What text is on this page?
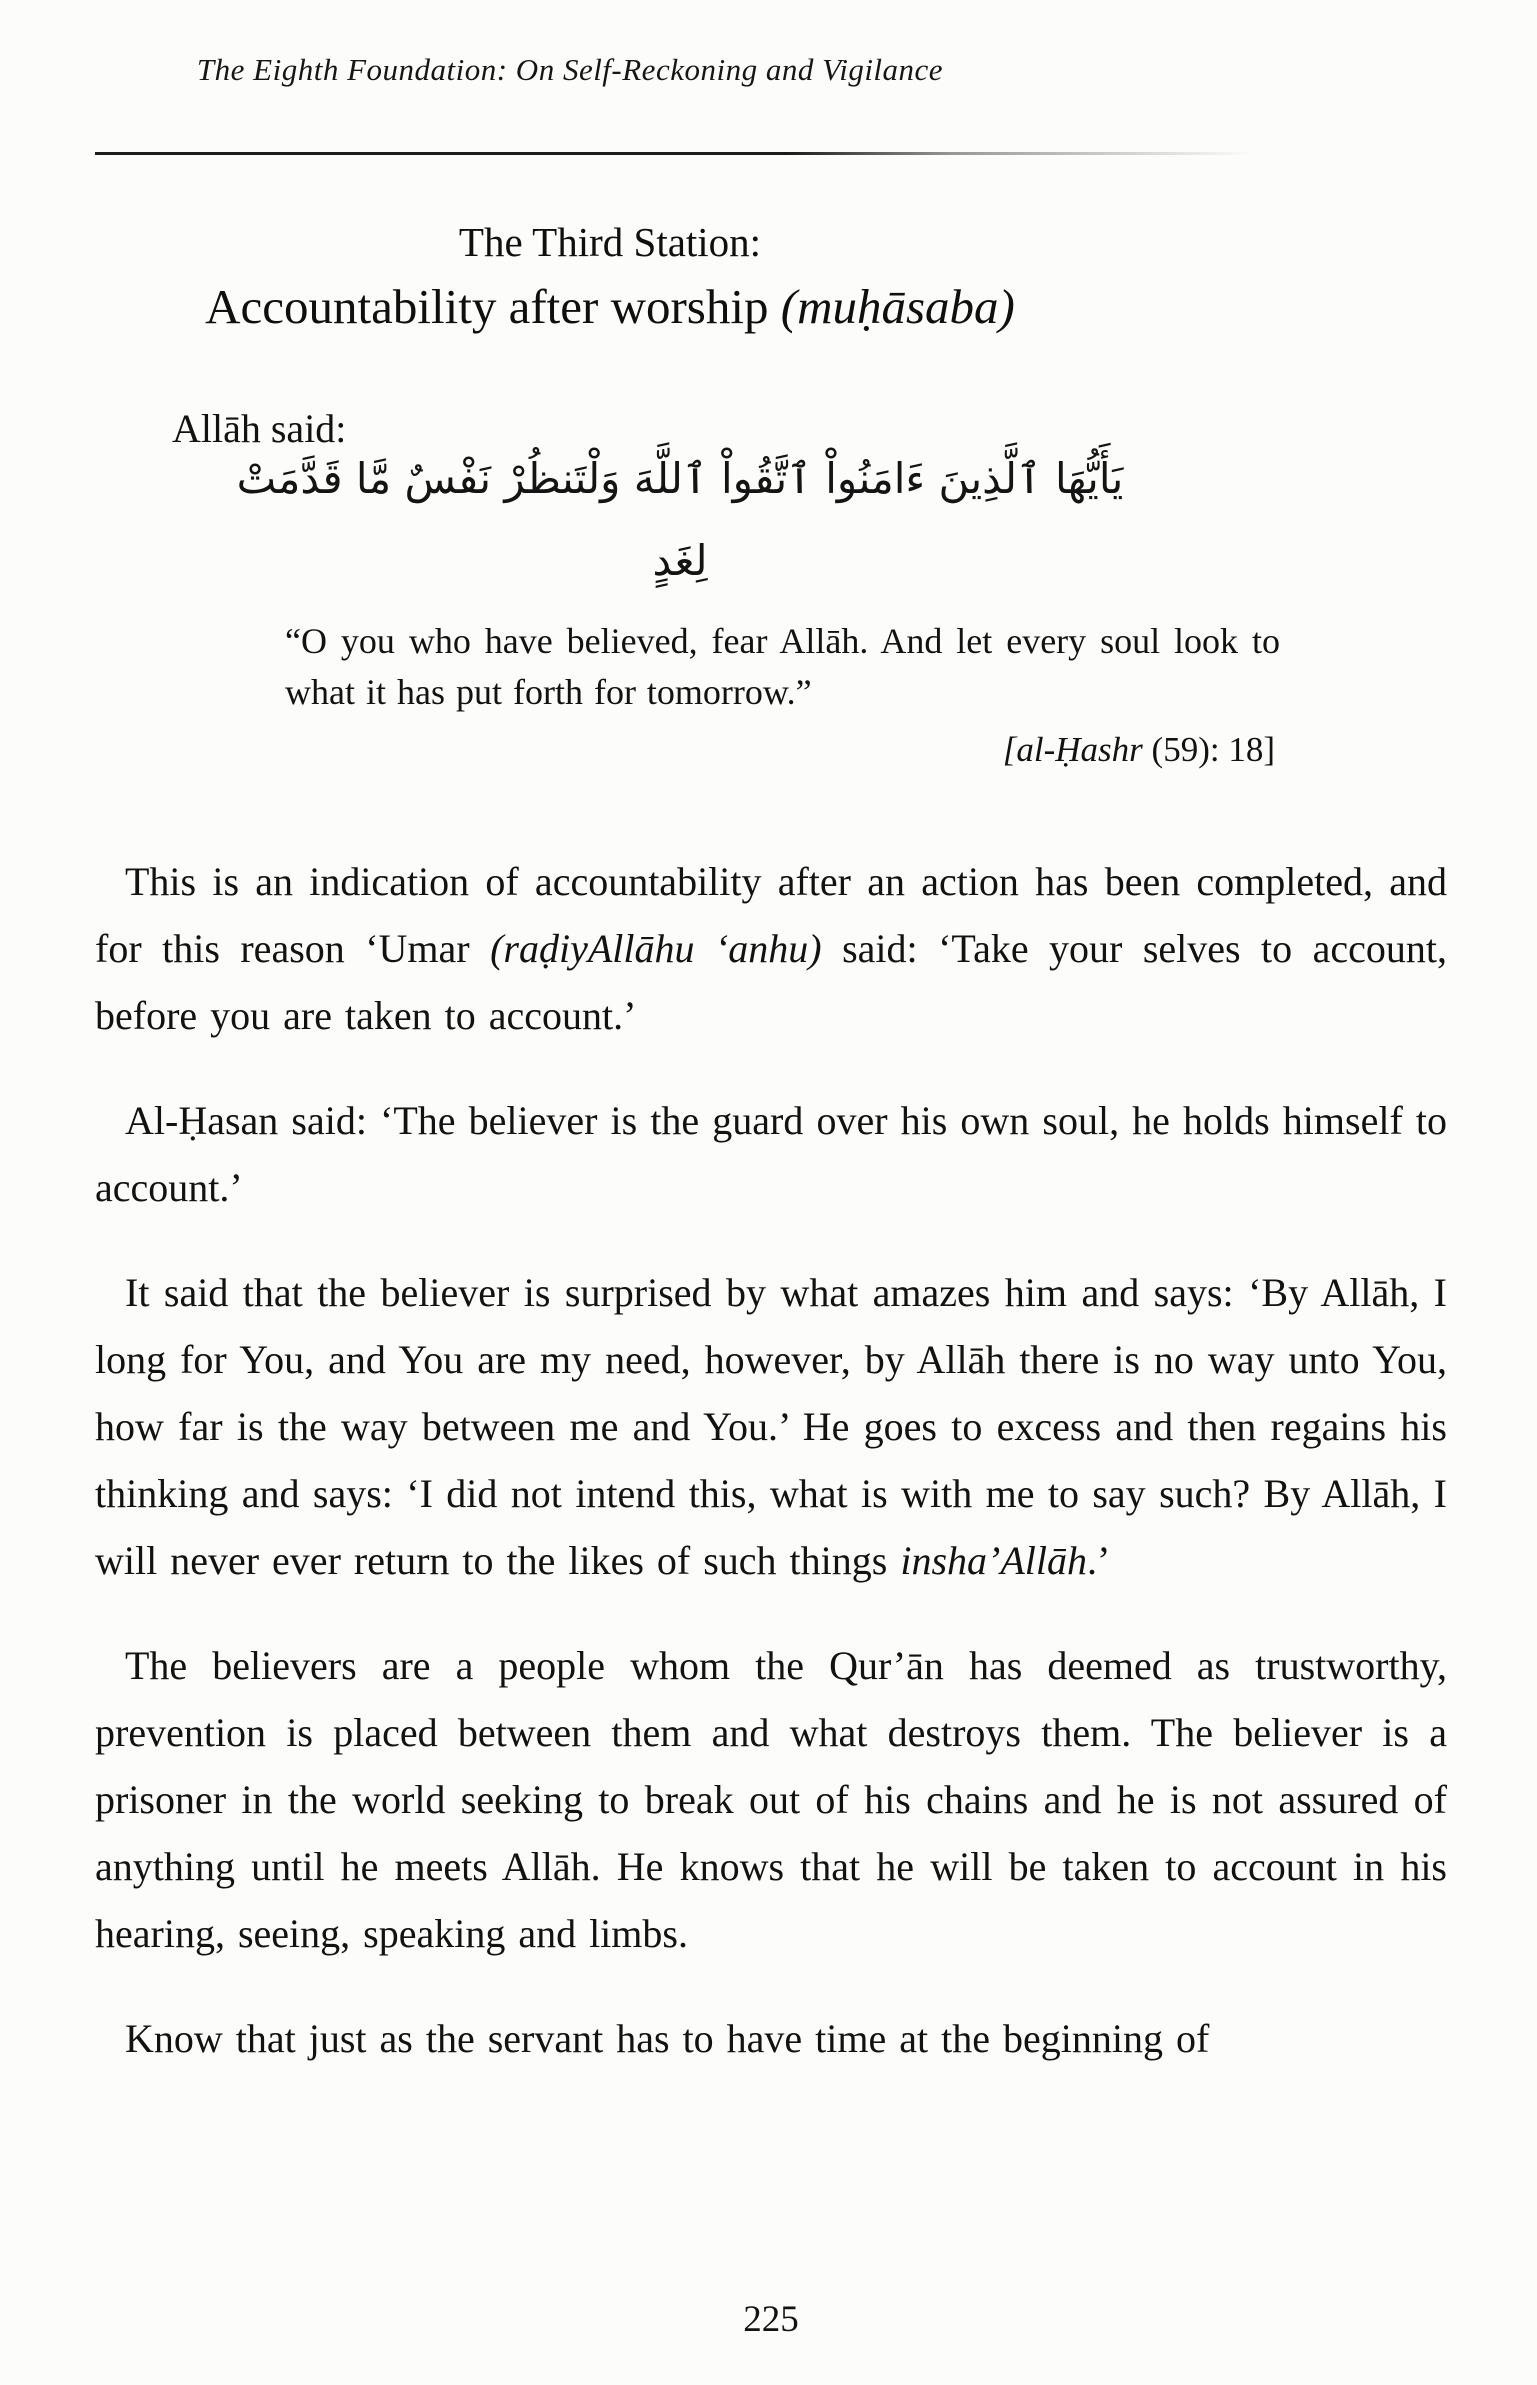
The Eighth Foundation: On Self-Reckoning and Vigilance
The Third Station:
Accountability after worship (muḥāsaba)
Allāh said:
يَأَيُّهَا ٱلَّذِينَ ءَامَنُواْ ٱتَّقُواْ ٱللَّهَ وَلْتَنظُرْ نَفْسٌ مَّا قَدَّمَتْ
لِغَدٍ
“O you who have believed, fear Allāh. And let every soul look to what it has put forth for tomorrow.”
[al-Ḥashr (59): 18]

This is an indication of accountability after an action has been completed, and for this reason ‘Umar (raḍiyAllāhu ‘anhu) said: ‘Take your selves to account, before you are taken to account.’

Al-Ḥasan said: ‘The believer is the guard over his own soul, he holds himself to account.’

It said that the believer is surprised by what amazes him and says: ‘By Allāh, I long for You, and You are my need, however, by Allāh there is no way unto You, how far is the way between me and You.’ He goes to excess and then regains his thinking and says: ‘I did not intend this, what is with me to say such? By Allāh, I will never ever return to the likes of such things insha’Allāh.’

The believers are a people whom the Qur’ān has deemed as trustworthy, prevention is placed between them and what destroys them. The believer is a prisoner in the world seeking to break out of his chains and he is not assured of anything until he meets Allāh. He knows that he will be taken to account in his hearing, seeing, speaking and limbs.

Know that just as the servant has to have time at the beginning of

225
